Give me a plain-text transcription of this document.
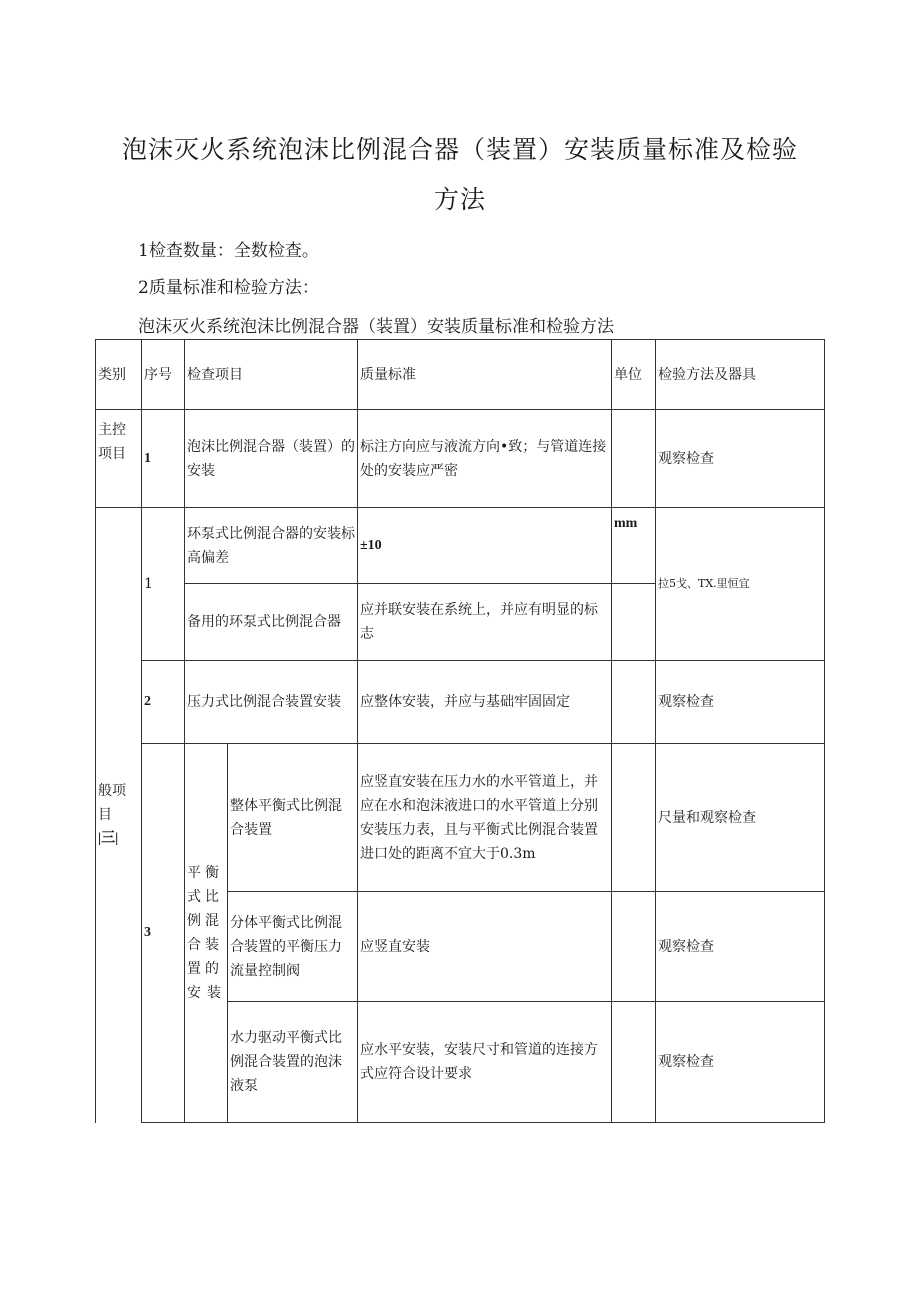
泡沫灭火系统泡沫比例混合器（装置）安装质量标准及检验
方法
1检查数量：全数检查。
2质量标准和检验方法：
泡沫灭火系统泡沫比例混合器（装置）安装质量标准和检验方法
类别	序号	检查项目		质量标准	单位	检验方法及器具
主控项目	1	泡沫比例混合器（装置）的安装		标注方向应与液流方向•致；与管道连接处的安装应严密		观察检查

般项目
|三|	1	环泵式比例混合器的安装标高偏差		±10	mm	拉5戈、TX.里恒宜
		备用的环泵式比例混合器		应并联安装在系统上，并应有明显的标志		
	2	压力式比例混合装置安装		应整体安装，并应与基础牢固固定		观察检查
	3	平衡式比例混合装置的安装	整体平衡式比例混合装置	应竖直安装在压力水的水平管道上，并应在水和泡沫液进口的水平管道上分别安装压力表，且与平衡式比例混合装置进口处的距离不宜大于0.3m		尺量和观察检查
			分体平衡式比例混合装置的平衡压力流量控制阀	应竖直安装		观察检查
			水力驱动平衡式比例混合装置的泡沫液泵	应水平安装，安装尺寸和管道的连接方式应符合设计要求		观察检查
